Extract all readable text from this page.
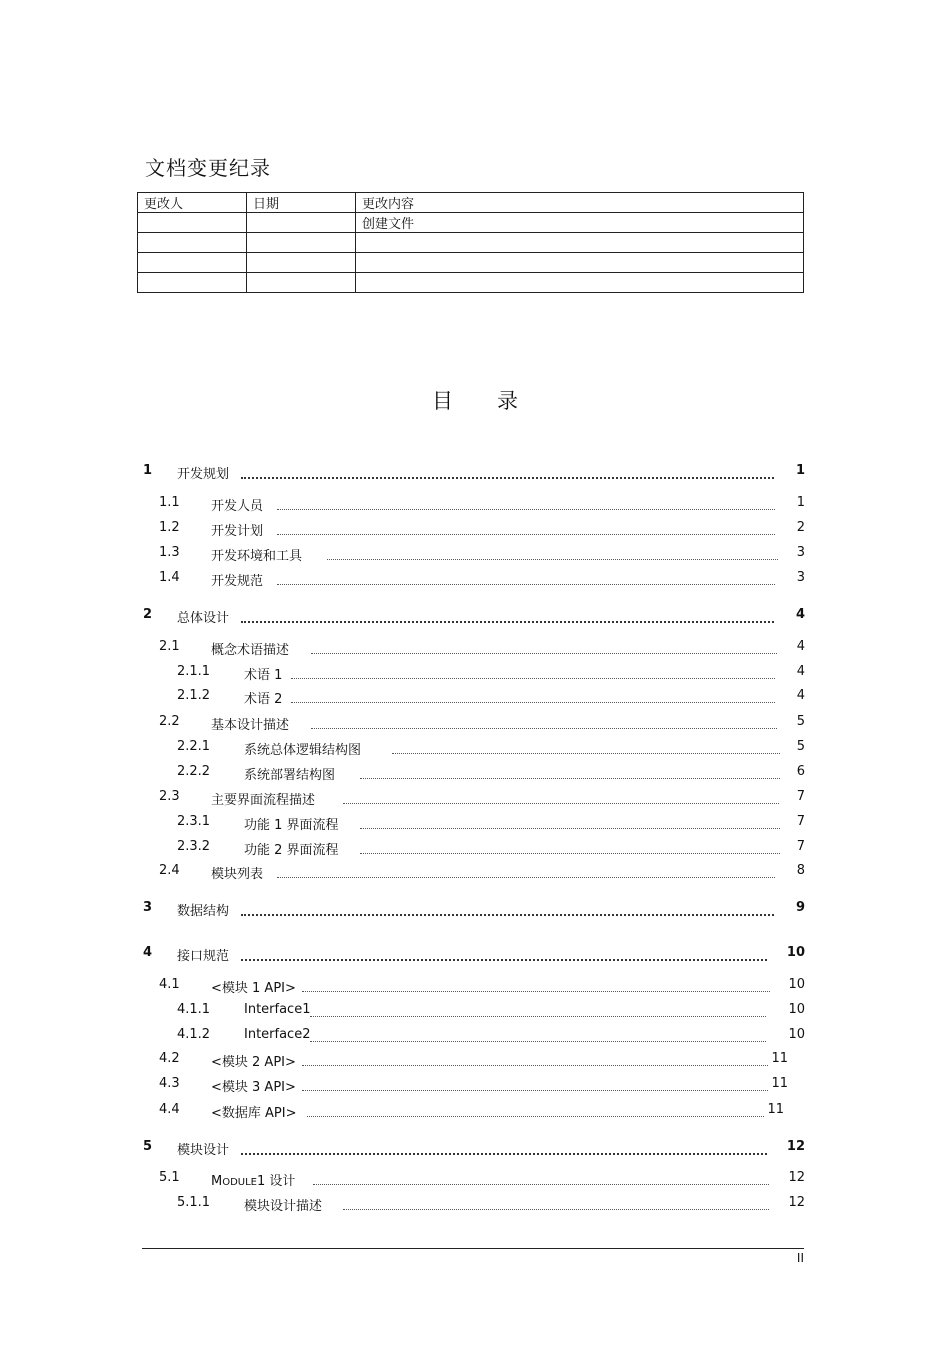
文档变更纪录
更改人	日期	更改内容
		创建文件

目 录
1 开发规划	1
1.1 开发人员	1
1.2 开发计划	2
1.3 开发环境和工具	3
1.4 开发规范	3
2 总体设计	4
2.1 概念术语描述	4
2.1.1	术语 1	4
2.1.2	术语 2	4
2.2 基本设计描述	5
2.2.1	系统总体逻辑结构图	5
2.2.2	系统部署结构图	6
2.3 主要界面流程描述	7
2.3.1	功能 1 界面流程	7
2.3.2	功能 2 界面流程	7
2.4 模块列表	8
3 数据结构	9
4 接口规范	10
4.1 <模块 1 API>	10
4.1.1	Interface1	10
4.1.2	Interface2	10
4.2 <模块 2 API>	11
4.3 <模块 3 API>	11
4.4 <数据库 API>	11
5 模块设计	12
5.1 MODULE1 设计	12
5.1.1	模块设计描述	12
II
